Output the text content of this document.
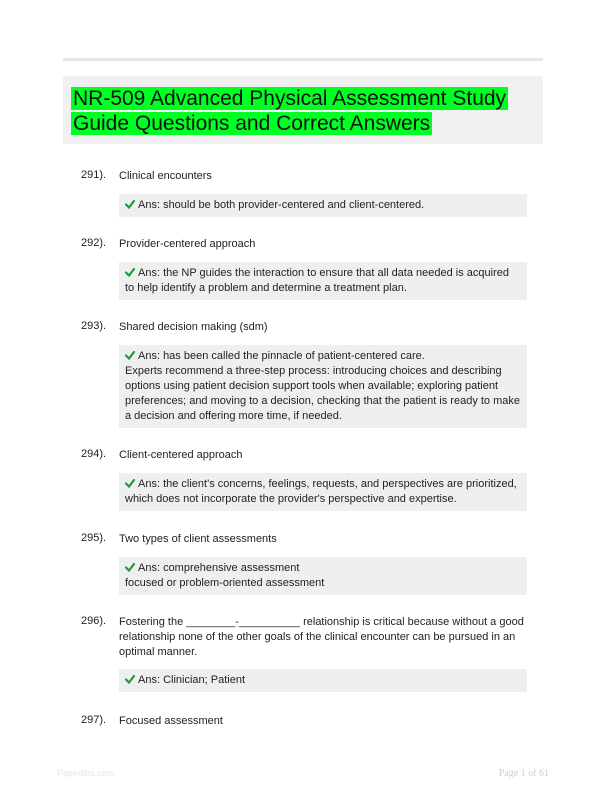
NR-509 Advanced Physical Assessment Study
Guide Questions and Correct Answers
291). Clinical encounters
Ans: should be both provider-centered and client-centered.
292). Provider-centered approach
Ans: the NP guides the interaction to ensure that all data needed is acquired to help identify a problem and determine a treatment plan.
293). Shared decision making (sdm)
Ans: has been called the pinnacle of patient-centered care.
Experts recommend a three-step process: introducing choices and describing options using patient decision support tools when available; exploring patient preferences; and moving to a decision, checking that the patient is ready to make a decision and offering more time, if needed.
294). Client-centered approach
Ans: the client's concerns, feelings, requests, and perspectives are prioritized, which does not incorporate the provider's perspective and expertise.
295). Two types of client assessments
Ans: comprehensive assessment
focused or problem-oriented assessment
296). Fostering the ________-__________ relationship is critical because without a good relationship none of the other goals of the clinical encounter can be pursued in an optimal manner.
Ans: Clinician; Patient
297). Focused assessment
Paperlibs.com	Page 1 of 61
